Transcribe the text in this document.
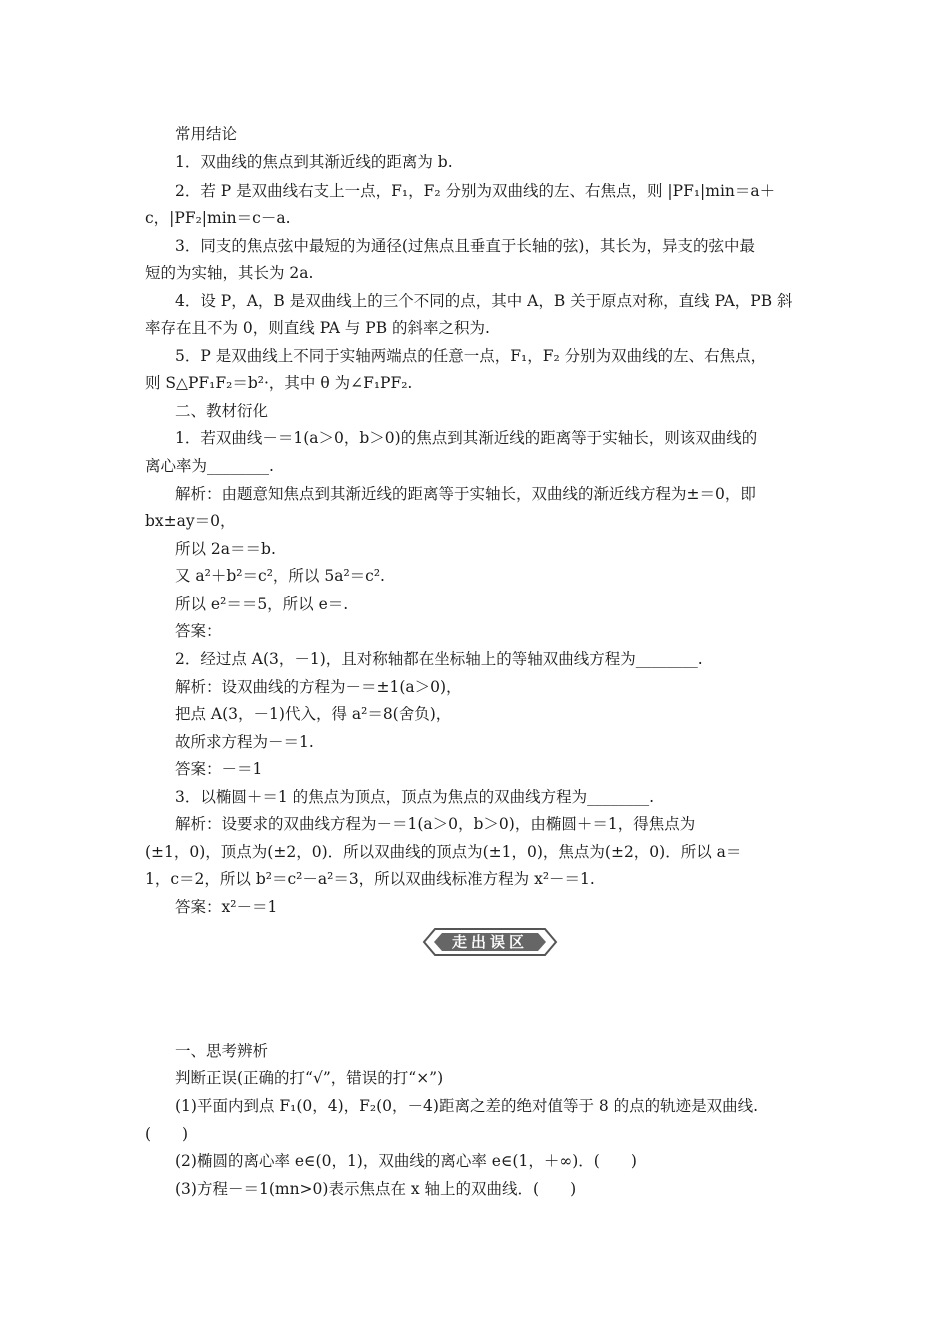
常用结论
1．双曲线的焦点到其渐近线的距离为 b.
2．若 P 是双曲线右支上一点，F₁，F₂ 分别为双曲线的左、右焦点，则 |PF₁|min＝a＋
c，|PF₂|min＝c－a.
3．同支的焦点弦中最短的为通径(过焦点且垂直于长轴的弦)，其长为，异支的弦中最
短的为实轴，其长为 2a.
4．设 P，A，B 是双曲线上的三个不同的点，其中 A，B 关于原点对称，直线 PA，PB 斜
率存在且不为 0，则直线 PA 与 PB 的斜率之积为.
5．P 是双曲线上不同于实轴两端点的任意一点，F₁，F₂ 分别为双曲线的左、右焦点，
则 S△PF₁F₂＝b²·，其中 θ 为∠F₁PF₂.
二、教材衍化
1．若双曲线－＝1(a＞0，b＞0)的焦点到其渐近线的距离等于实轴长，则该双曲线的
离心率为________.
解析：由题意知焦点到其渐近线的距离等于实轴长，双曲线的渐近线方程为±＝0，即
bx±ay＝0，
所以 2a＝＝b.
又 a²＋b²＝c²，所以 5a²＝c².
所以 e²＝＝5，所以 e＝.
答案：
2．经过点 A(3，－1)，且对称轴都在坐标轴上的等轴双曲线方程为________.
解析：设双曲线的方程为－＝±1(a＞0)，
把点 A(3，－1)代入，得 a²＝8(舍负)，
故所求方程为－＝1.
答案：－＝1
3．以椭圆＋＝1 的焦点为顶点，顶点为焦点的双曲线方程为________.
解析：设要求的双曲线方程为－＝1(a＞0，b＞0)，由椭圆＋＝1，得焦点为
(±1，0)，顶点为(±2，0)．所以双曲线的顶点为(±1，0)，焦点为(±2，0)．所以 a＝
1，c＝2，所以 b²＝c²－a²＝3，所以双曲线标准方程为 x²－＝1.
答案：x²－＝1
走出误区
一、思考辨析
判断正误(正确的打“√”，错误的打“×”)
(1)平面内到点 F₁(0，4)，F₂(0，－4)距离之差的绝对值等于 8 的点的轨迹是双曲线.
(　　)
(2)椭圆的离心率 e∈(0，1)，双曲线的离心率 e∈(1，＋∞)．(　　)
(3)方程－＝1(mn>0)表示焦点在 x 轴上的双曲线．(　　)
